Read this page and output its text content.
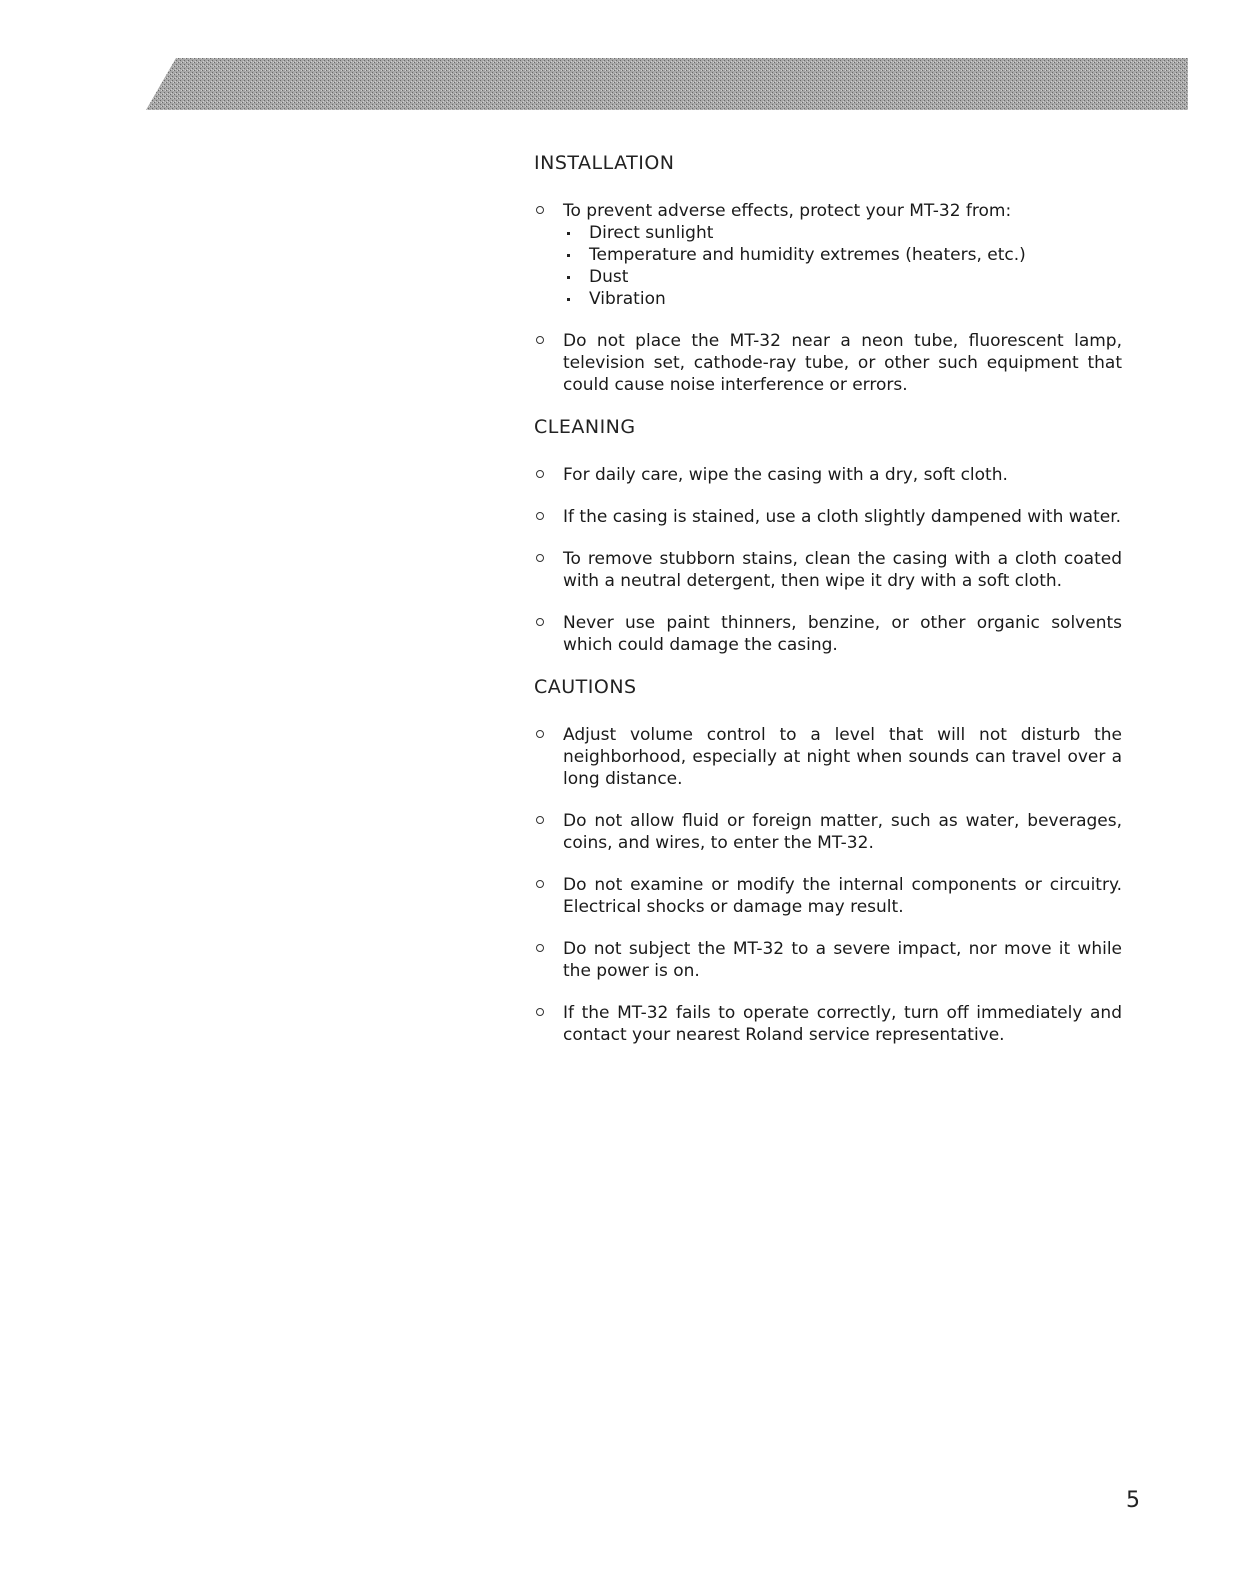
INSTALLATION
To prevent adverse effects, protect your MT-32 from:
Direct sunlight
Temperature and humidity extremes (heaters, etc.)
Dust
Vibration
Do not place the MT-32 near a neon tube, fluorescent lamp, television set, cathode-ray tube, or other such equipment that could cause noise interference or errors.
CLEANING
For daily care, wipe the casing with a dry, soft cloth.
If the casing is stained, use a cloth slightly dampened with water.
To remove stubborn stains, clean the casing with a cloth coated with a neutral detergent, then wipe it dry with a soft cloth.
Never use paint thinners, benzine, or other organic solvents which could damage the casing.
CAUTIONS
Adjust volume control to a level that will not disturb the neighborhood, especially at night when sounds can travel over a long distance.
Do not allow fluid or foreign matter, such as water, beverages, coins, and wires, to enter the MT-32.
Do not examine or modify the internal components or circuitry. Electrical shocks or damage may result.
Do not subject the MT-32 to a severe impact, nor move it while the power is on.
If the MT-32 fails to operate correctly, turn off immediately and contact your nearest Roland service representative.
5
